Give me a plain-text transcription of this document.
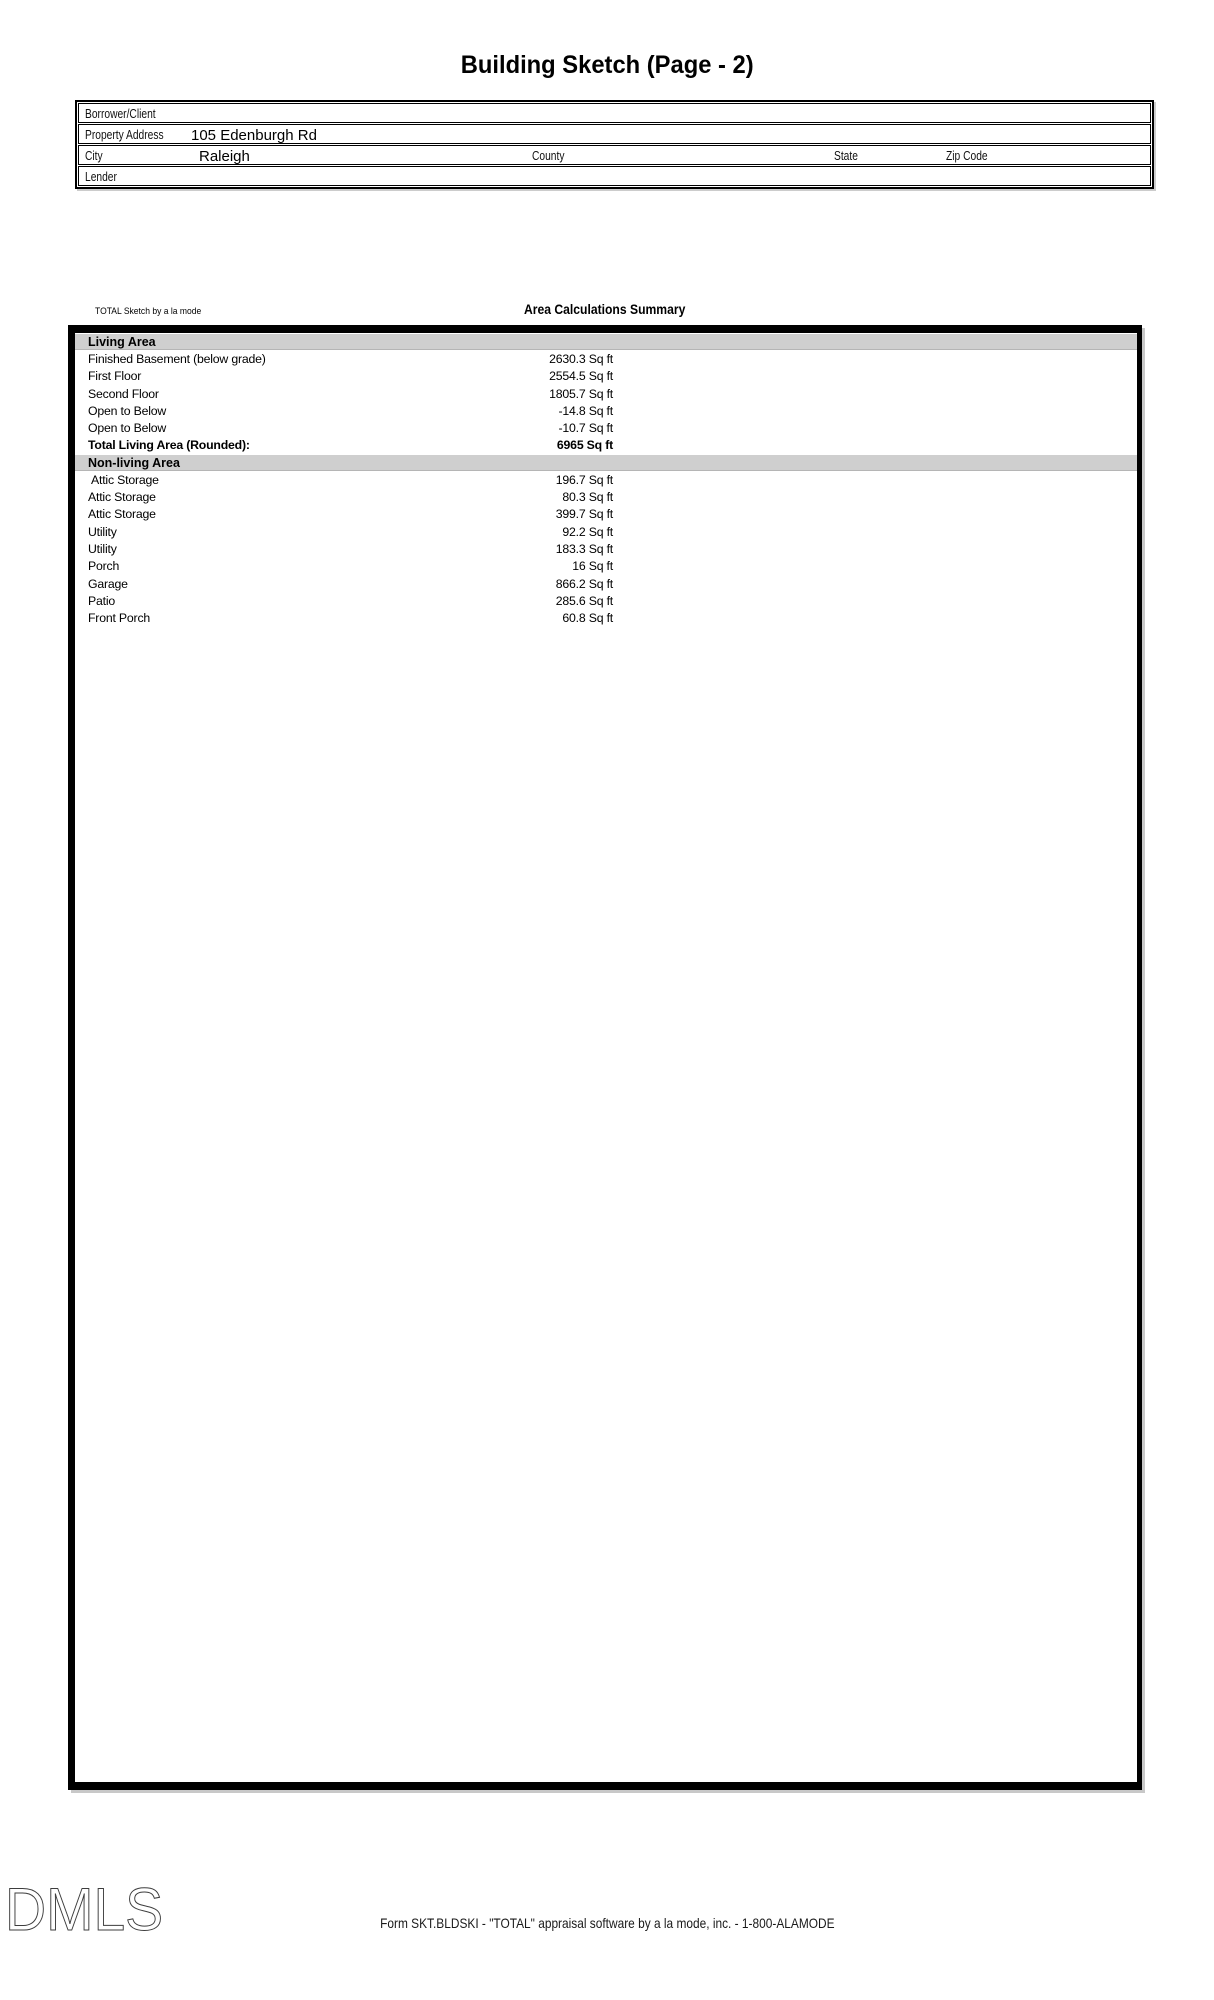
Building Sketch (Page - 2)
Borrower/Client
Property Address	105 Edenburgh Rd
City	Raleigh	County	State	Zip Code
Lender
TOTAL Sketch by a la mode	Area Calculations Summary
Living Area
Finished Basement (below grade)	2630.3 Sq ft
First Floor	2554.5 Sq ft
Second Floor	1805.7 Sq ft
Open to Below	-14.8 Sq ft
Open to Below	-10.7 Sq ft
Total Living Area (Rounded):	6965 Sq ft
Non-living Area
Attic Storage	196.7 Sq ft
Attic Storage	80.3 Sq ft
Attic Storage	399.7 Sq ft
Utility	92.2 Sq ft
Utility	183.3 Sq ft
Porch	16 Sq ft
Garage	866.2 Sq ft
Patio	285.6 Sq ft
Front Porch	60.8 Sq ft
DMLS	Form SKT.BLDSKI - "TOTAL" appraisal software by a la mode, inc. - 1-800-ALAMODE
